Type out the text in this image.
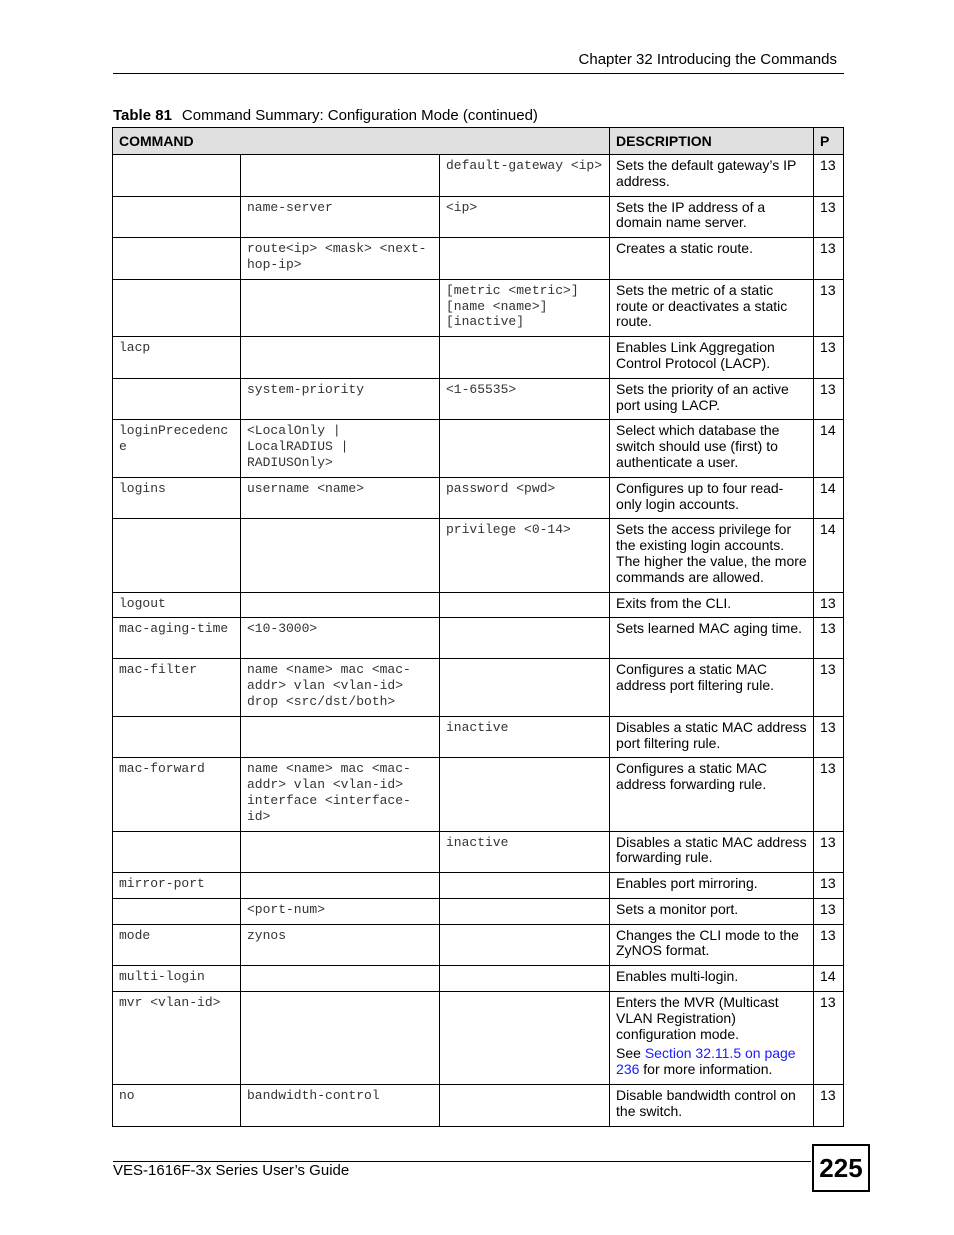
Chapter 32 Introducing the Commands
Table 81 Command Summary: Configuration Mode (continued)
COMMAND			DESCRIPTION	P
		default-gateway <ip>	Sets the default gateway’s IP address.	13
	name-server	<ip>	Sets the IP address of a domain name server.	13
	route<ip> <mask> <next-hop-ip>		Creates a static route.	13
		[metric <metric>] [name <name>] [inactive]	Sets the metric of a static route or deactivates a static route.	13
lacp			Enables Link Aggregation Control Protocol (LACP).	13
	system-priority	<1-65535>	Sets the priority of an active port using LACP.	13
loginPrecedence	<LocalOnly | LocalRADIUS | RADIUSOnly>		Select which database the switch should use (first) to authenticate a user.	14
logins	username <name>	password <pwd>	Configures up to four read-only login accounts.	14
		privilege <0-14>	Sets the access privilege for the existing login accounts. The higher the value, the more commands are allowed.	14
logout			Exits from the CLI.	13
mac-aging-time	<10-3000>		Sets learned MAC aging time.	13
mac-filter	name <name> mac <mac-addr> vlan <vlan-id> drop <src/dst/both>		Configures a static MAC address port filtering rule.	13
		inactive	Disables a static MAC address port filtering rule.	13
mac-forward	name <name> mac <mac-addr> vlan <vlan-id> interface <interface-id>		Configures a static MAC address forwarding rule.	13
		inactive	Disables a static MAC address forwarding rule.	13
mirror-port			Enables port mirroring.	13
	<port-num>		Sets a monitor port.	13
mode	zynos		Changes the CLI mode to the ZyNOS format.	13
multi-login			Enables multi-login.	14
mvr <vlan-id>			Enters the MVR (Multicast VLAN Registration) configuration mode.
See Section 32.11.5 on page 236 for more information.	13
no	bandwidth-control		Disable bandwidth control on the switch.	13
VES-1616F-3x Series User’s Guide	225
